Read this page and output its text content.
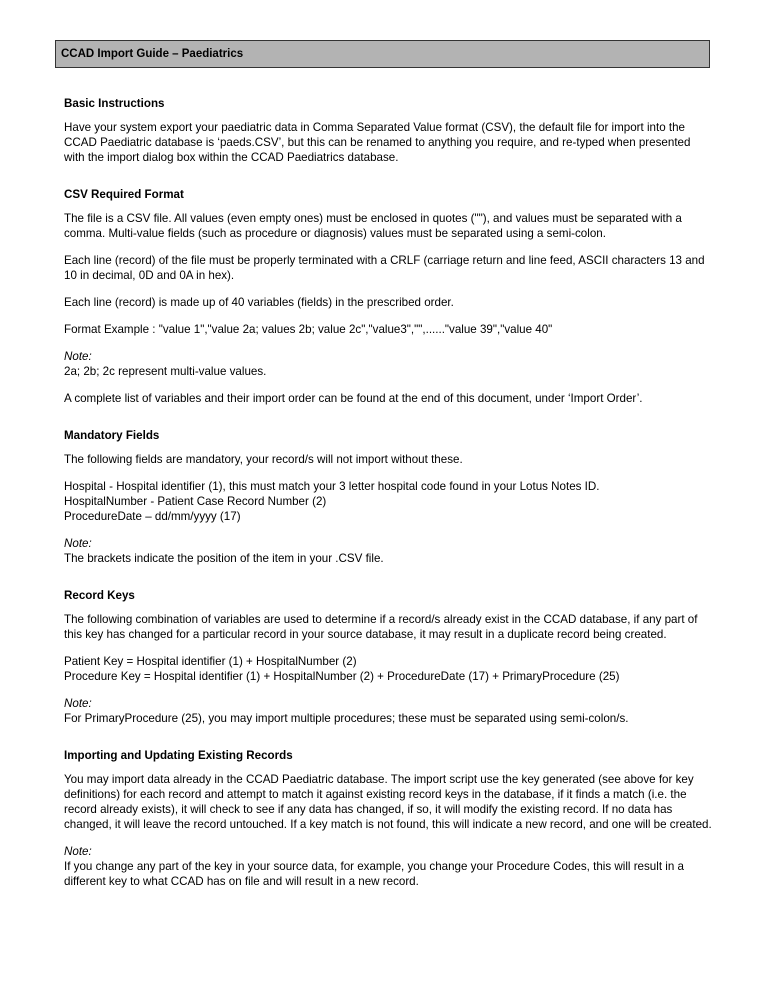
CCAD Import Guide – Paediatrics
Basic Instructions
Have your system export your paediatric data in Comma Separated Value format (CSV), the default file for import into the CCAD Paediatric database is ‘paeds.CSV’, but this can be renamed to anything you require, and re-typed when presented with the import dialog box within the CCAD Paediatrics database.
CSV Required Format
The file is a CSV file. All values (even empty ones) must be enclosed in quotes (""), and values must be separated with a comma. Multi-value fields (such as procedure or diagnosis) values must be separated using a semi-colon.
Each line (record) of the file must be properly terminated with a CRLF (carriage return and line feed, ASCII characters 13 and 10 in decimal, 0D and 0A in hex).
Each line (record) is made up of 40 variables (fields) in the prescribed order.
Format Example : "value 1","value 2a; values 2b; value 2c","value3","",......"value 39","value 40"
Note:
2a; 2b; 2c represent multi-value values.
A complete list of variables and their import order can be found at the end of this document, under ‘Import Order’.
Mandatory Fields
The following fields are mandatory, your record/s will not import without these.
Hospital - Hospital identifier (1), this must match your 3 letter hospital code found in your Lotus Notes ID.
HospitalNumber - Patient Case Record Number (2)
ProcedureDate – dd/mm/yyyy (17)
Note:
The brackets indicate the position of the item in your .CSV file.
Record Keys
The following combination of variables are used to determine if a record/s already exist in the CCAD database, if any part of this key has changed for a particular record in your source database, it may result in a duplicate record being created.
Patient Key = Hospital identifier (1) + HospitalNumber (2)
Procedure Key = Hospital identifier (1) + HospitalNumber (2) + ProcedureDate (17) + PrimaryProcedure (25)
Note:
For PrimaryProcedure (25), you may import multiple procedures; these must be separated using semi-colon/s.
Importing and Updating Existing Records
You may import data already in the CCAD Paediatric database. The import script use the key generated (see above for key definitions) for each record and attempt to match it against existing record keys in the database, if it finds a match (i.e. the record already exists), it will check to see if any data has changed, if so, it will modify the existing record. If no data has changed, it will leave the record untouched. If a key match is not found, this will indicate a new record, and one will be created.
Note:
If you change any part of the key in your source data, for example, you change your Procedure Codes, this will result in a different key to what CCAD has on file and will result in a new record.
